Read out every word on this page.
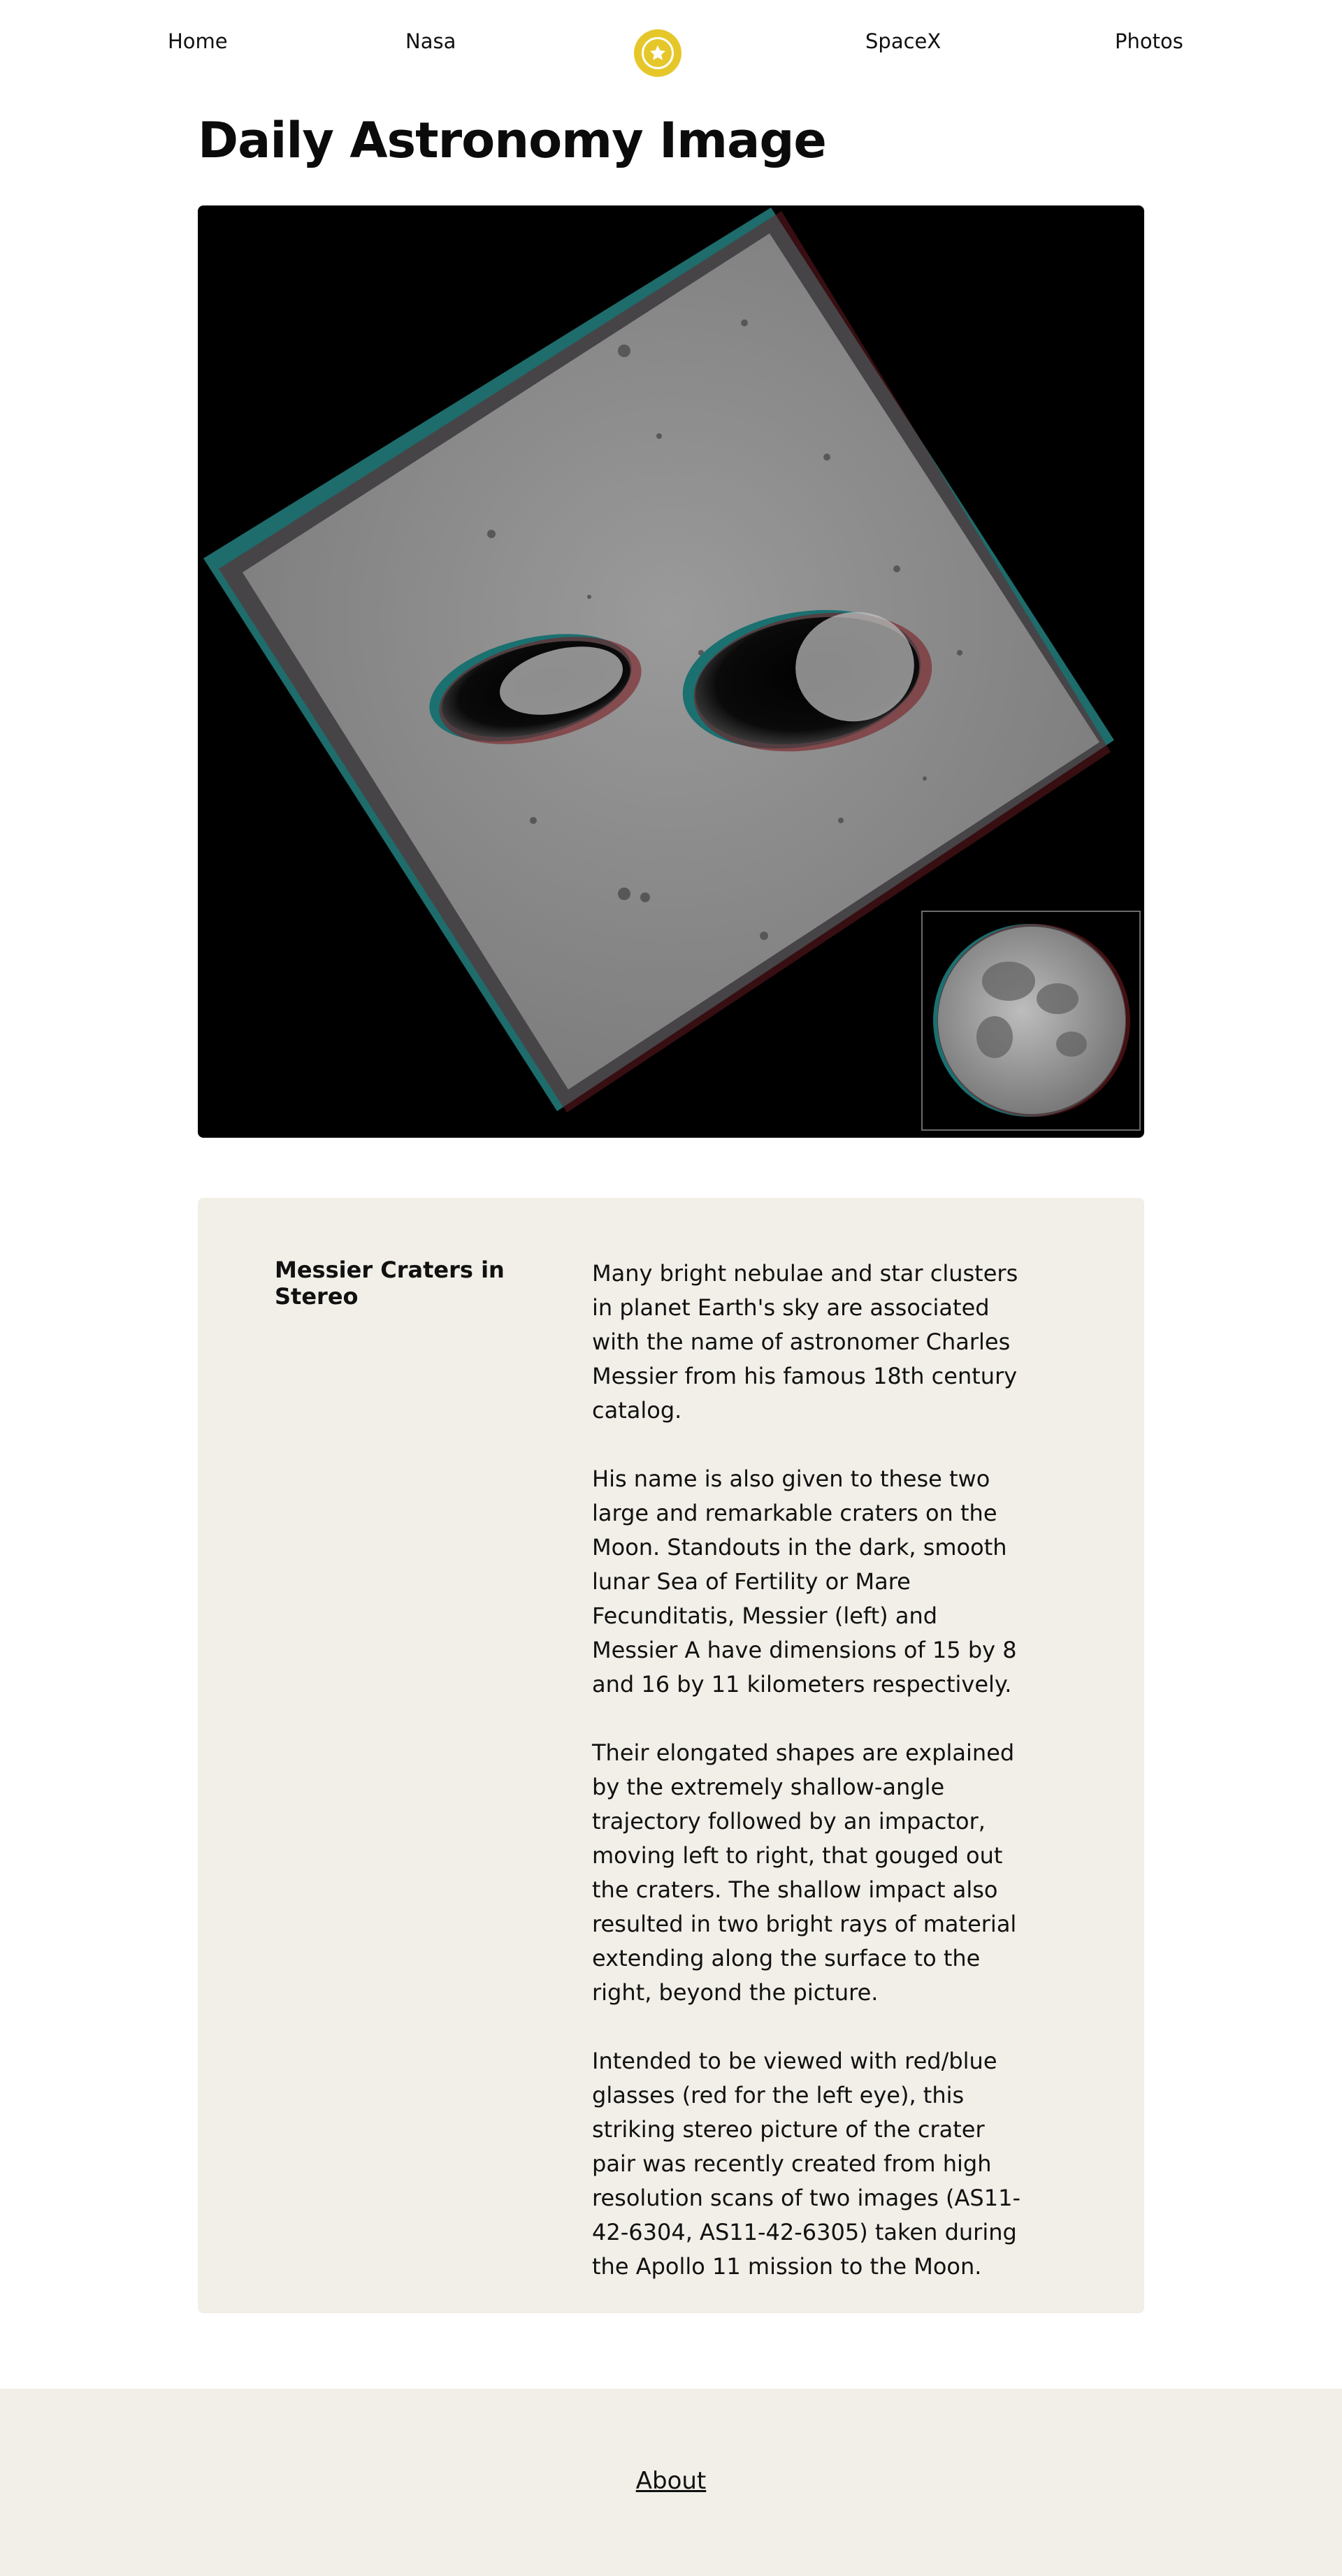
Home	Nasa	SpaceX	Photos
Daily Astronomy Image
Messier Craters in Stereo

Many bright nebulae and star clusters in planet Earth's sky are associated with the name of astronomer Charles Messier from his famous 18th century catalog.

His name is also given to these two large and remarkable craters on the Moon. Standouts in the dark, smooth lunar Sea of Fertility or Mare Fecunditatis, Messier (left) and Messier A have dimensions of 15 by 8 and 16 by 11 kilometers respectively.

Their elongated shapes are explained by the extremely shallow-angle trajectory followed by an impactor, moving left to right, that gouged out the craters. The shallow impact also resulted in two bright rays of material extending along the surface to the right, beyond the picture.

Intended to be viewed with red/blue glasses (red for the left eye), this striking stereo picture of the crater pair was recently created from high resolution scans of two images (AS11-42-6304, AS11-42-6305) taken during the Apollo 11 mission to the Moon.

About
